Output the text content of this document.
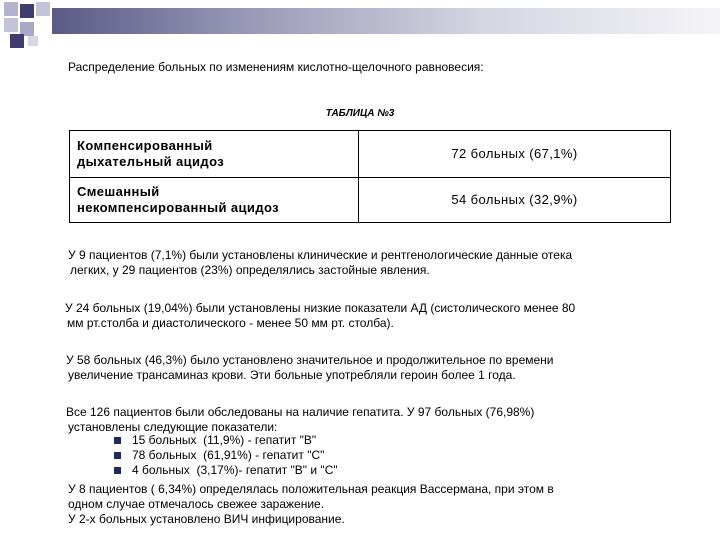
Распределение больных по изменениям кислотно-щелочного равновесия:
ТАБЛИЦА №3
Компенсированный
дыхательный ацидоз	72 больных (67,1%)

Смешанный
некомпенсированный ацидоз	54 больных (32,9%)
У 9 пациентов (7,1%) были установлены клинические и рентгенологические данные отека
легких, у 29 пациентов (23%) определялись застойные явления.
У 24 больных (19,04%) были установлены низкие показатели АД (систолического менее 80
мм рт.столба и диастолического - менее 50 мм рт. столба).
У 58 больных (46,3%) было установлено значительное и продолжительное по времени
увеличение трансаминаз крови. Эти больные употребляли героин более 1 года.
Все 126 пациентов были обследованы на наличие гепатита. У 97 больных (76,98%)
установлены следующие показатели:
15 больных  (11,9%) - гепатит "B"
78 больных  (61,91%) - гепатит "C"
4 больных  (3,17%)- гепатит "B" и "C"
У 8 пациентов ( 6,34%) определялась положительная реакция Вассермана, при этом в
одном случае отмечалось свежее заражение.
У 2-х больных установлено ВИЧ инфицирование.
